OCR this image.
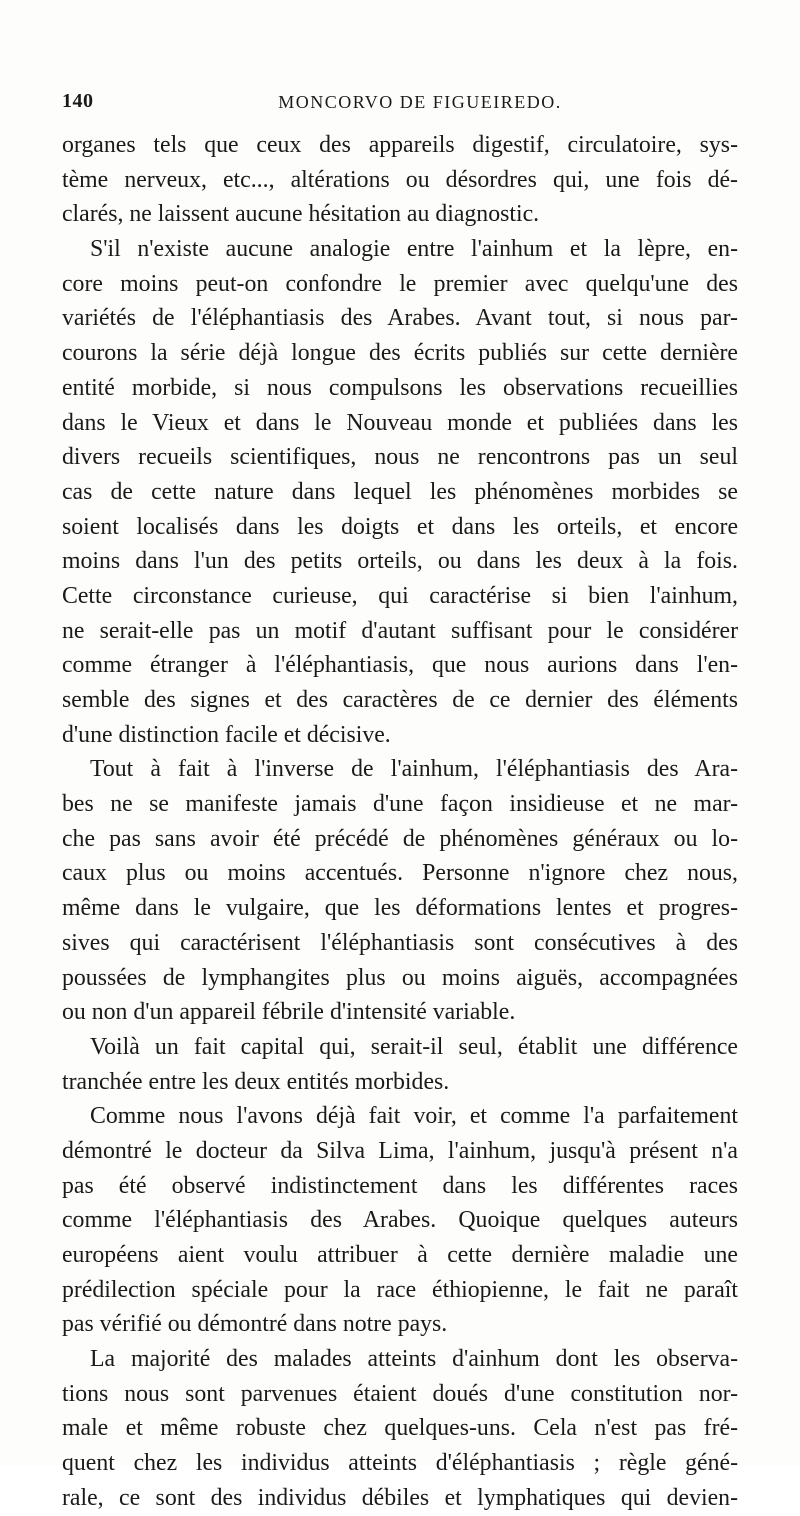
140	MONCORVO DE FIGUEIREDO.
organes tels que ceux des appareils digestif, circulatoire, sys-
tème nerveux, etc..., altérations ou désordres qui, une fois dé-
clarés, ne laissent aucune hésitation au diagnostic.
S'il n'existe aucune analogie entre l'ainhum et la lèpre, en-
core moins peut-on confondre le premier avec quelqu'une des
variétés de l'éléphantiasis des Arabes. Avant tout, si nous par-
courons la série déjà longue des écrits publiés sur cette dernière
entité morbide, si nous compulsons les observations recueillies
dans le Vieux et dans le Nouveau monde et publiées dans les
divers recueils scientifiques, nous ne rencontrons pas un seul
cas de cette nature dans lequel les phénomènes morbides se
soient localisés dans les doigts et dans les orteils, et encore
moins dans l'un des petits orteils, ou dans les deux à la fois.
Cette circonstance curieuse, qui caractérise si bien l'ainhum,
ne serait-elle pas un motif d'autant suffisant pour le considérer
comme étranger à l'éléphantiasis, que nous aurions dans l'en-
semble des signes et des caractères de ce dernier des éléments
d'une distinction facile et décisive.
Tout à fait à l'inverse de l'ainhum, l'éléphantiasis des Ara-
bes ne se manifeste jamais d'une façon insidieuse et ne mar-
che pas sans avoir été précédé de phénomènes généraux ou lo-
caux plus ou moins accentués. Personne n'ignore chez nous,
même dans le vulgaire, que les déformations lentes et progres-
sives qui caractérisent l'éléphantiasis sont consécutives à des
poussées de lymphangites plus ou moins aiguës, accompagnées
ou non d'un appareil fébrile d'intensité variable.
Voilà un fait capital qui, serait-il seul, établit une différence
tranchée entre les deux entités morbides.
Comme nous l'avons déjà fait voir, et comme l'a parfaitement
démontré le docteur da Silva Lima, l'ainhum, jusqu'à présent n'a
pas été observé indistinctement dans les différentes races
comme l'éléphantiasis des Arabes. Quoique quelques auteurs
européens aient voulu attribuer à cette dernière maladie une
prédilection spéciale pour la race éthiopienne, le fait ne paraît
pas vérifié ou démontré dans notre pays.
La majorité des malades atteints d'ainhum dont les observa-
tions nous sont parvenues étaient doués d'une constitution nor-
male et même robuste chez quelques-uns. Cela n'est pas fré-
quent chez les individus atteints d'éléphantiasis ; règle géné-
rale, ce sont des individus débiles et lymphatiques qui devien-
